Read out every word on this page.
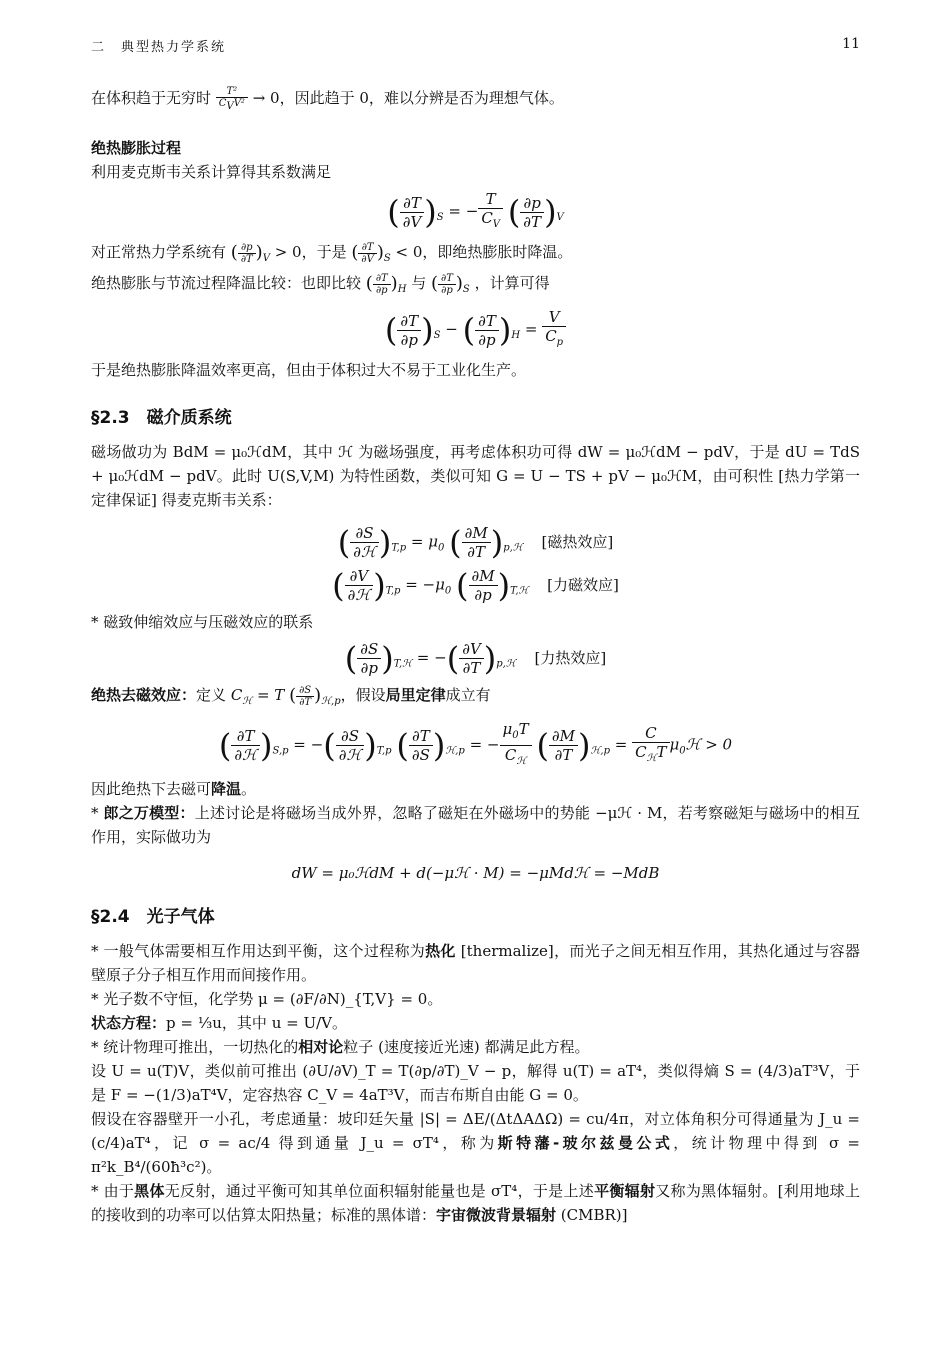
二　典型热力学系统	11

在体积趋于无穷时 $\frac{\text{T²}}{C_VV^2} \to 0$，因此趋于 0，难以分辨是否为理想气体。

绝热膨胀过程

利用麦克斯韦关系计算得其系数满足

( $\frac{\partial T}{\partial V} )_S$ = − $\frac{T}{C_V}$ ( $\frac{\partial p}{\partial T} )_V$

对正常热力学系统有 ( $\frac{\partial p}{\partial T} )_V > 0$，于是 ( $\frac{\partial T}{\partial V} )_S < 0$，即绝热膨胀时降温。

绝热膨胀与节流过程降温比较：也即比较 ( $\frac{\partial T}{\partial p} )_H$ 与 ( $\frac{\partial T}{\partial p} )_S$ ，计算可得

( $\frac{\partial T}{\partial p} )_S$ − ( $\frac{\partial T}{\partial p} )_H = \frac{V}{C_p}$

于是绝热膨胀降温效率更高，但由于体积过大不易于工业化生产。

§2.3　磁介质系统

磁场做功为 BdM = μ₀ℋdM，其中 ℋ 为磁场强度，再考虑体积功可得 dW = μ₀ℋdM − pdV，于是 dU = TdS + μ₀ℋdM − pdV。此时 U(S,V,M) 为特性函数，类似可知 G = U − TS + pV − μ₀ℋM，由可积性 [热力学第一定律保证] 得麦克斯韦关系：

( $\frac{\partial S}{\text{∂ℋ}} )_{T,p} = \mu_0$ ( $\frac{\partial M}{\partial T} )_{p,ℋ}$ [磁热效应]
( $\frac{\partial V}{\text{∂ℋ}} )_{T,p} = -\mu_0$ ( $\frac{\partial M}{\partial p} )_{T,ℋ}$ [力磁效应]

* 磁致伸缩效应与压磁效应的联系

( $\frac{\partial S}{\partial p} )_{T,ℋ}$ = −( $\frac{\partial V}{\partial T} )_{p,ℋ}$ [力热效应]

绝热去磁效应：定义 $C_ℋ = T$ ( $\frac{\partial S}{\partial T} )_{ℋ,p}$，假设局里定律成立有

( $\frac{\partial T}{\text{∂ℋ}} )_{S,p}$ = −( $\frac{\partial S}{\text{∂ℋ}} )_{T,p}$ ( $\frac{\partial T}{\partial S} )_{ℋ,p}$ = − $\frac{\mu_0T}{C_ℋ}$ ( $\frac{\partial M}{\partial T} )_{ℋ,p} = \frac{C}{C_ℋT}$ $\mu_0ℋ > 0$

因此绝热下去磁可降温。

* 郎之万模型：上述讨论是将磁场当成外界，忽略了磁矩在外磁场中的势能 −μℋ · M，若考察磁矩与磁场中的相互作用，实际做功为

dW = μ₀ℋdM + d(−μℋ · M) = −μMdℋ = −MdB

§2.4　光子气体

* 一般气体需要相互作用达到平衡，这个过程称为热化 [thermalize]，而光子之间无相互作用，其热化通过与容器壁原子分子相互作用而间接作用。

* 光子数不守恒，化学势 μ = (∂F/∂N)_{T,V} = 0。

状态方程：p = ⅓u，其中 u = U/V。

* 统计物理可推出，一切热化的相对论粒子 (速度接近光速) 都满足此方程。

设 U = u(T)V，类似前可推出 (∂U/∂V)_T = T(∂p/∂T)_V − p，解得 u(T) = aT⁴，类似得熵 S = (4/3)aT³V，于是 F = −(1/3)aT⁴V，定容热容 C_V = 4aT³V，而吉布斯自由能 G = 0。

假设在容器壁开一小孔，考虑通量：坡印廷矢量 |S| = ΔE/(ΔtΔAΔΩ) = cu/4π，对立体角积分可得通量为 J_u = (c/4)aT⁴，记 σ = ac/4 得到通量 J_u = σT⁴，称为斯特藩-玻尔兹曼公式，统计物理中得到 σ = π²k_B⁴/(60ħ³c²)。

* 由于黑体无反射，通过平衡可知其单位面积辐射能量也是 σT⁴，于是上述平衡辐射又称为黑体辐射。[利用地球上的接收到的功率可以估算太阳热量；标准的黑体谱：宇宙微波背景辐射 (CMBR)]
